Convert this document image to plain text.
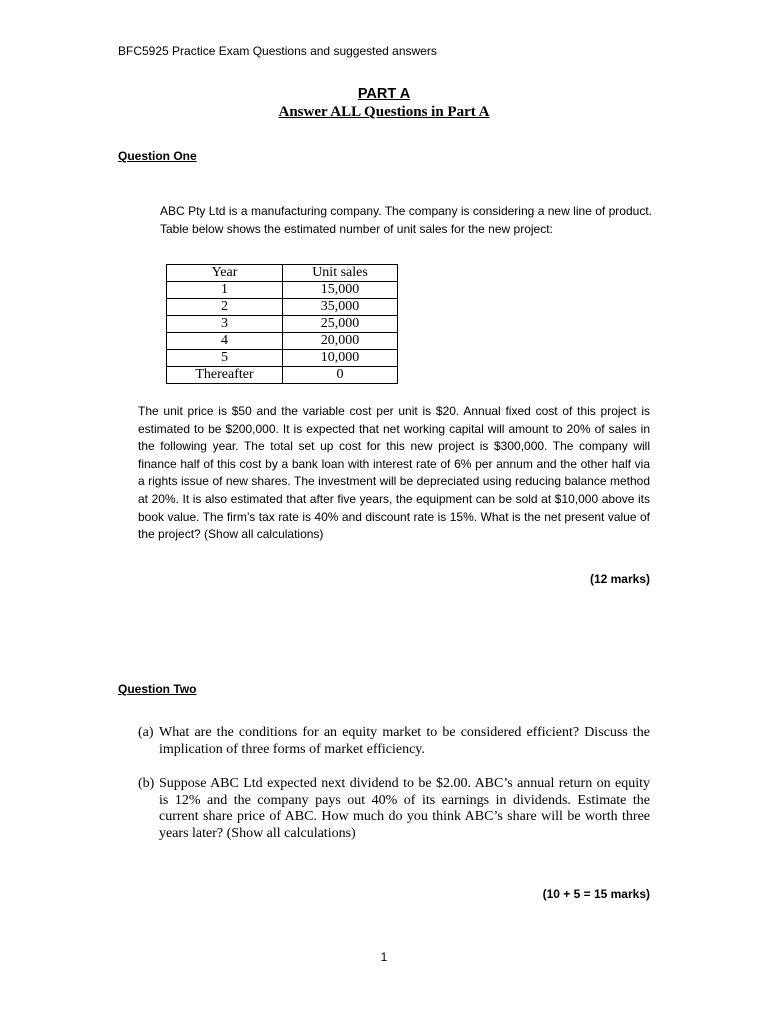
BFC5925 Practice Exam Questions and suggested answers
PART A
Answer ALL Questions in Part A
Question One
ABC Pty Ltd is a manufacturing company. The company is considering a new line of product. Table below shows the estimated number of unit sales for the new project:
Year	Unit sales
1	15,000
2	35,000
3	25,000
4	20,000
5	10,000
Thereafter	0
The unit price is $50 and the variable cost per unit is $20. Annual fixed cost of this project is estimated to be $200,000. It is expected that net working capital will amount to 20% of sales in the following year. The total set up cost for this new project is $300,000. The company will finance half of this cost by a bank loan with interest rate of 6% per annum and the other half via a rights issue of new shares. The investment will be depreciated using reducing balance method at 20%. It is also estimated that after five years, the equipment can be sold at $10,000 above its book value. The firm’s tax rate is 40% and discount rate is 15%. What is the net present value of the project? (Show all calculations)
(12 marks)
Question Two
(a) What are the conditions for an equity market to be considered efficient? Discuss the implication of three forms of market efficiency.
(b) Suppose ABC Ltd expected next dividend to be $2.00. ABC’s annual return on equity is 12% and the company pays out 40% of its earnings in dividends. Estimate the current share price of ABC. How much do you think ABC’s share will be worth three years later? (Show all calculations)
(10 + 5 = 15 marks)
1
